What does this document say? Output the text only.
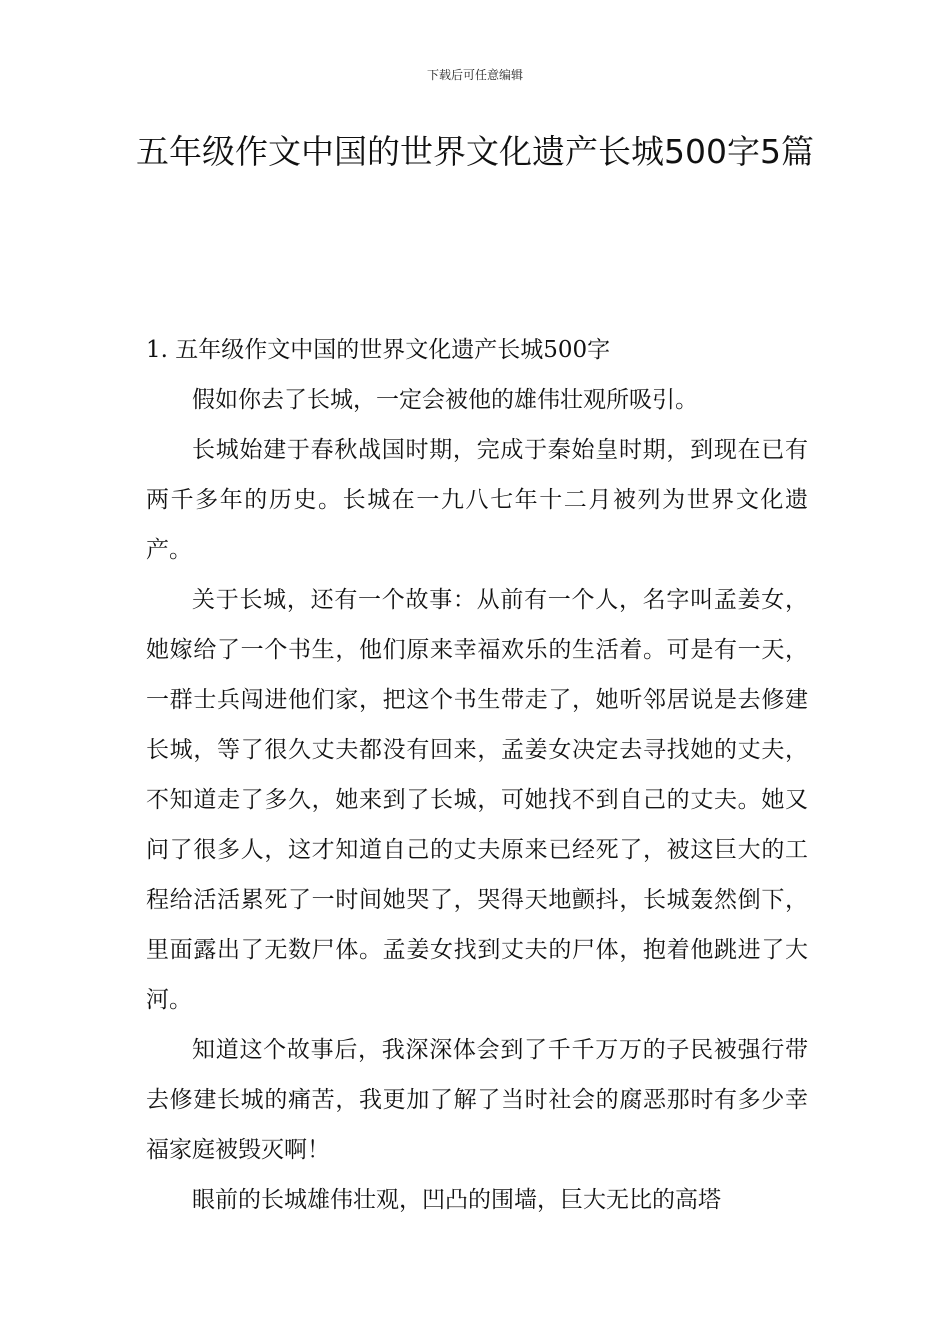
下载后可任意编辑
五年级作文中国的世界文化遗产长城500字5篇

1. 五年级作文中国的世界文化遗产长城500字

假如你去了长城，一定会被他的雄伟壮观所吸引。

长城始建于春秋战国时期，完成于秦始皇时期，到现在已有两千多年的历史。长城在一九八七年十二月被列为世界文化遗产。

关于长城，还有一个故事：从前有一个人，名字叫孟姜女，她嫁给了一个书生，他们原来幸福欢乐的生活着。可是有一天，一群士兵闯进他们家，把这个书生带走了，她听邻居说是去修建长城，等了很久丈夫都没有回来，孟姜女决定去寻找她的丈夫，不知道走了多久，她来到了长城，可她找不到自己的丈夫。她又问了很多人，这才知道自己的丈夫原来已经死了，被这巨大的工程给活活累死了一时间她哭了，哭得天地颤抖，长城轰然倒下，里面露出了无数尸体。孟姜女找到丈夫的尸体，抱着他跳进了大河。

知道这个故事后，我深深体会到了千千万万的子民被强行带去修建长城的痛苦，我更加了解了当时社会的腐恶那时有多少幸福家庭被毁灭啊！

眼前的长城雄伟壮观，凹凸的围墙，巨大无比的高塔
